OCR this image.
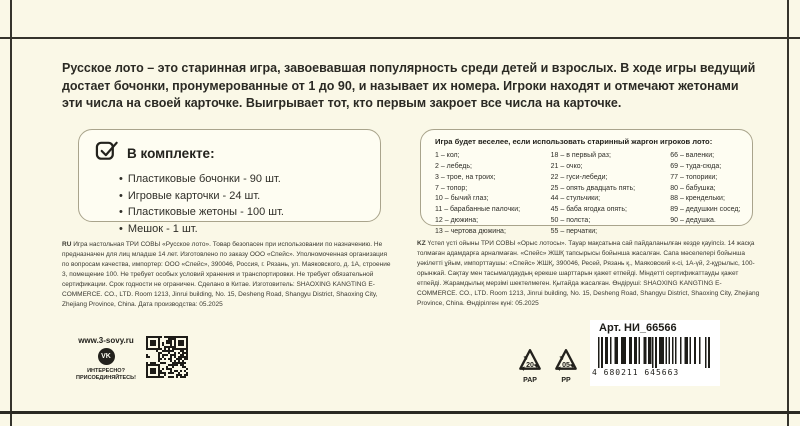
Русское лото – это старинная игра, завоевавшая популярность среди детей и взрослых. В ходе игры ведущий достает бочонки, пронумерованные от 1 до 90, и называет их номера. Игроки находят и отмечают жетонами эти числа на своей карточке. Выигрывает тот, кто первым закроет все числа на карточке.
В комплекте:
• Пластиковые бочонки - 90 шт.
• Игровые карточки - 24 шт.
• Пластиковые жетоны - 100 шт.
• Мешок - 1 шт.
Игра будет веселее, если использовать старинный жаргон игроков лото:
1 – кол;
2 – лебедь;
3 – трое, на троих;
7 – топор;
10 – бычий глаз;
11 – барабанные палочки;
12 – дюжина;
13 – чертова дюжина;
18 – в первый раз;
21 – очко;
22 – гуси-лебеди;
25 – опять двадцать пять;
44 – стульчики;
45 – баба ягодка опять;
50 – полста;
55 – перчатки;
66 – валенки;
69 – туда-сюда;
77 – топорики;
80 – бабушка;
88 – крендельки;
89 – дедушкин сосед;
90 – дедушка.
RU Игра настольная ТРИ СОВЫ «Русское лото». Товар безопасен при использовании по назначению. Не предназначен для лиц младше 14 лет. Изготовлено по заказу ООО «Спейс». Уполномоченная организация по вопросам качества, импортер: ООО «Спейс», 390046, Россия, г. Рязань, ул. Маяковского, д. 1А, строение 3, помещение 100. Не требует особых условий хранения и транспортировки. Не требует обязательной сертификации. Срок годности не ограничен. Сделано в Китае. Изготовитель: SHAOXING KANGTING E-COMMERCE. CO., LTD. Room 1213, Jinrui building, No. 15, Desheng Road, Shangyu District, Shaoxing City, Zhejiang Province, China. Дата производства: 05.2025
KZ Үстел үсті ойыны ТРИ СОВЫ «Орыс лотосы». Тауар мақсатына сай пайдаланылған кезде қауіпсіз. 14 жасқа толмаған адамдарға арналмаған. «Спейс» ЖШҚ тапсырысы бойынша жасалған. Сапа мәселелері бойынша уәкілетті ұйым, импорттаушы: «Спейс» ЖШҚ, 390046, Ресей, Рязань қ., Маяковский к-сі, 1А-үй, 2-құрылыс, 100-орынжай. Сақтау мен тасымалдаудың ерекше шарттарын қажет етпейді. Міндетті сертификаттауды қажет етпейді. Жарамдылық мерзімі шектелмеген. Қытайда жасалған. Өндіруші: SHAOXING KANGTING E-COMMERCE. CO., LTD. Room 1213, Jinrui building, No. 15, Desheng Road, Shangyu District, Shaoxing City, Zhejiang Province, China. Өндірілген күні: 05.2025
www.3-sovy.ru
VK
ИНТЕРЕСНО?
ПРИСОЕДИНЯЙТЕСЬ!
20
PAP
05
PP
Арт. НИ_66566
4 680211 645663
